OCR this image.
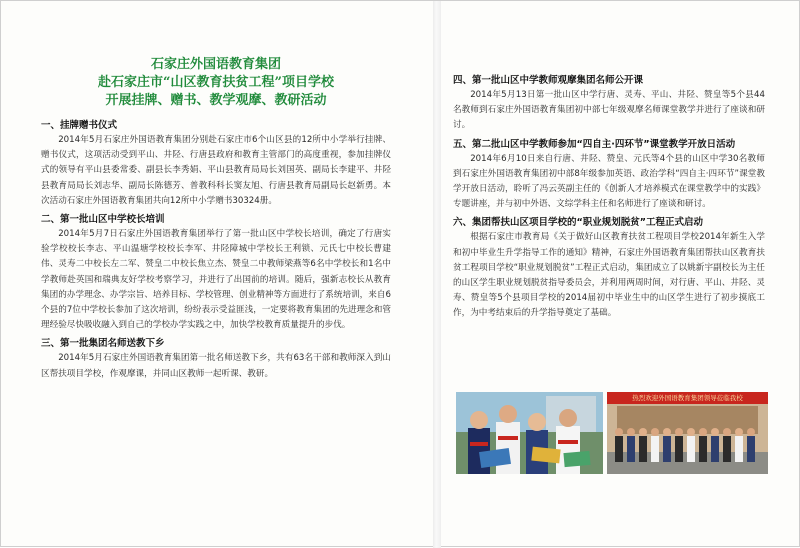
石家庄外国语教育集团
赴石家庄市“山区教育扶贫工程”项目学校
开展挂牌、赠书、教学观摩、教研活动
一、挂牌赠书仪式

2014年5月石家庄外国语教育集团分别赴石家庄市6个山区县的12所中小学举行挂牌、赠书仪式，这项活动受到平山、井陉、行唐县政府和教育主管部门的高度重视，参加挂牌仪式的领导有平山县委常委、副县长李秀娟、平山县教育局局长刘国英、副局长李建平、井陉县教育局局长刘志华、副局长陈德芳、普教科科长窦友旭、行唐县教育局副局长赵新勇。本次活动石家庄外国语教育集团共向12所中小学赠书30324册。

二、第一批山区中学校长培训

2014年5月7日石家庄外国语教育集团举行了第一批山区中学校长培训，确定了行唐实验学校校长李志、平山温塘学校校长李军、井陉障城中学校长王利锁、元氏七中校长曹建伟、灵寿二中校长左二军、赞皇二中校长焦立杰、赞皇二中教师梁燕等6名中学校长和1名中学教师赴英国和瑞典友好学校考察学习，并进行了出国前的培训。随后，强新志校长从教育集团的办学理念、办学宗旨、培养目标、学校管理、创业精神等方面进行了系统培训，来自6个县的7位中学校长参加了这次培训，纷纷表示受益匪浅，一定要将教育集团的先进理念和管理经验尽快吸收融入到自己的学校办学实践之中，加快学校教育质量提升的步伐。

三、第一批集团名师送教下乡

2014年5月石家庄外国语教育集团第一批名师送教下乡，共有63名干部和教师深入到山区帮扶项目学校，作观摩课，并同山区教师一起听课、教研。

四、第一批山区中学教师观摩集团名师公开课

2014年5月13日第一批山区中学行唐、灵寿、平山、井陉、赞皇等5个县44名教师到石家庄外国语教育集团初中部七年级观摩名师课堂教学并进行了座谈和研讨。

五、第二批山区中学教师参加“四自主·四环节”课堂教学开放日活动

2014年6月10日来自行唐、井陉、赞皇、元氏等4个县的山区中学30名教师到石家庄外国语教育集团初中部8年级参加英语、政治学科“四自主·四环节”课堂教学开放日活动，聆听了冯云英副主任的《创新人才培养模式在课堂教学中的实践》专题讲座，并与初中外语、文综学科主任和名师进行了座谈和研讨。

六、集团帮扶山区项目学校的“职业规划脱贫”工程正式启动

根据石家庄市教育局《关于做好山区教育扶贫工程项目学校2014年新生入学和初中毕业生升学指导工作的通知》精神，石家庄外国语教育集团帮扶山区教育扶贫工程项目学校“职业规划脱贫”工程正式启动，集团成立了以姚新宇副校长为主任的山区学生职业规划脱贫指导委员会，并利用两周时间，对行唐、平山、井陉、灵寿、赞皇等5个县项目学校的2014届初中毕业生中的山区学生进行了初步摸底工作，为中考结束后的升学指导奠定了基础。

热烈欢迎外国语教育集团领导莅临我校
